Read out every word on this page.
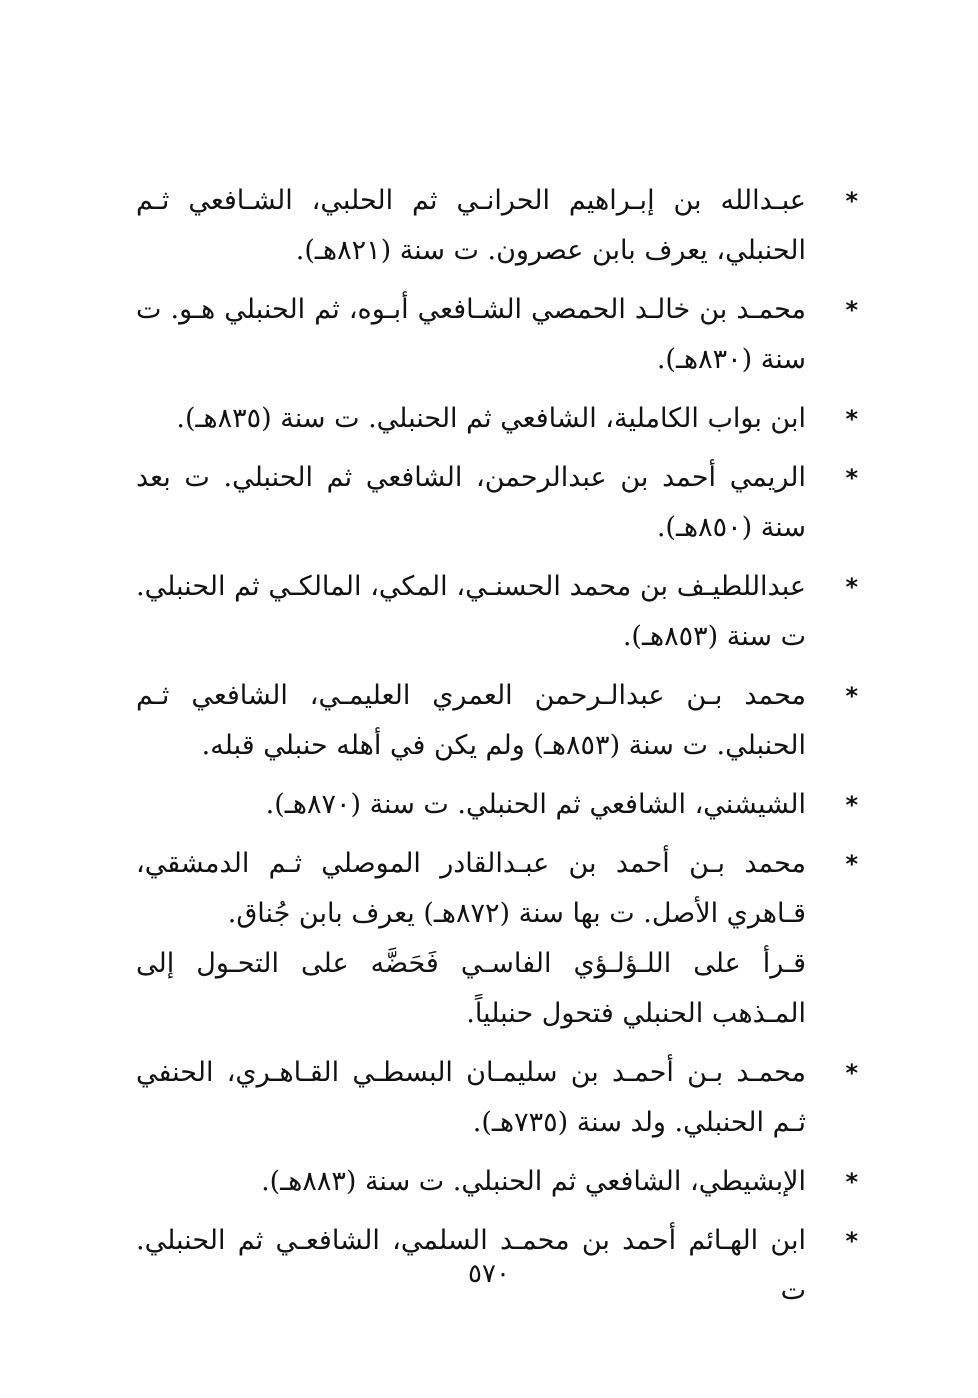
*
عبـدالله بن إبـراهيم الحرانـي ثم الحلبي، الشـافعي ثـم الحنبلي، يعرف بابن عصرون. ت سنة (٨٢١هـ).
*
محمـد بن خالـد الحمصي الشـافعي أبـوه، ثم الحنبلي هـو. ت سنة (٨٣٠هـ).
*
ابن بواب الكاملية، الشافعي ثم الحنبلي. ت سنة (٨٣٥هـ).
*
الريمي أحمد بن عبدالرحمن، الشافعي ثم الحنبلي. ت بعد سنة (٨٥٠هـ).
*
عبداللطيـف بن محمد الحسنـي، المكي، المالكـي ثم الحنبلي. ت سنة (٨٥٣هـ).
*
محمد بـن عبدالـرحمن العمري العليمـي، الشافعي ثـم الحنبلي. ت سنة (٨٥٣هـ) ولم يكن في أهله حنبلي قبله.
*
الشيشني، الشافعي ثم الحنبلي. ت سنة (٨٧٠هـ).
*
محمد بـن أحمد بن عبـدالقادر الموصلي ثـم الدمشقي، قـاهري الأصل. ت بها سنة (٨٧٢هـ) يعرف بابن جُناق.
قـرأ على اللـؤلـؤي الفاسـي فَحَضَّه على التحـول إلى المـذهب الحنبلي فتحول حنبلياً.
*
محمـد بـن أحمـد بن سليمـان البسطـي القـاهـري، الحنفي ثـم الحنبلي. ولد سنة (٧٣٥هـ).
*
الإبشيطي، الشافعي ثم الحنبلي. ت سنة (٨٨٣هـ).
*
ابن الهـائم أحمد بن محمـد السلمي، الشافعـي ثم الحنبلي. ت
٥٧٠
